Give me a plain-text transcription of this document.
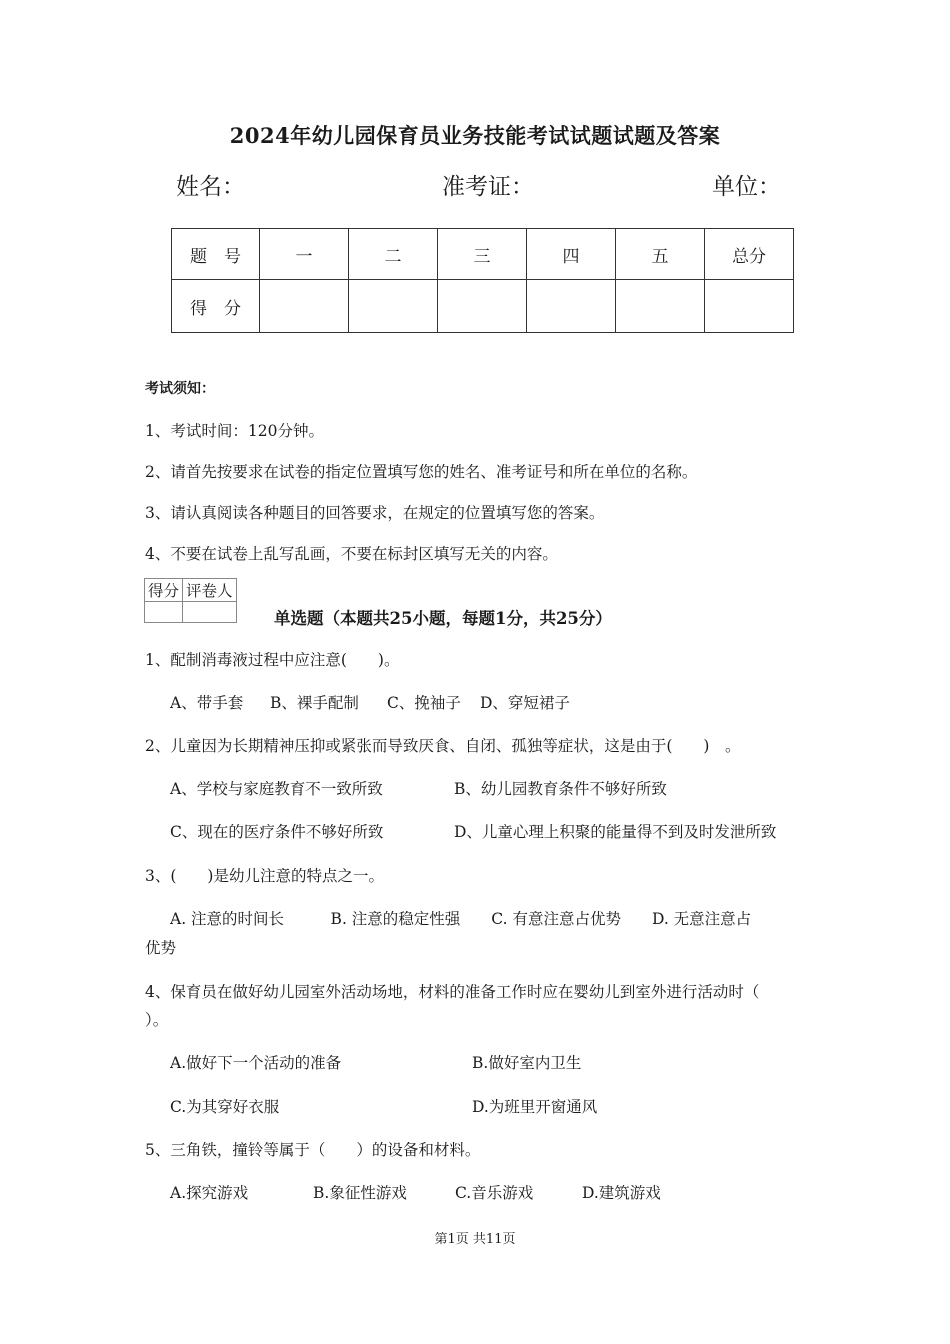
2024年幼儿园保育员业务技能考试试题试题及答案
姓名：	准考证：	单位：
题　号	一	二	三	四	五	总分
得　分						
考试须知：
1、考试时间：120分钟。
2、请首先按要求在试卷的指定位置填写您的姓名、准考证号和所在单位的名称。
3、请认真阅读各种题目的回答要求，在规定的位置填写您的答案。
4、不要在试卷上乱写乱画，不要在标封区填写无关的内容。
得分	评卷人

单选题（本题共25小题，每题1分，共25分）
1、配制消毒液过程中应注意(　　)。
A、带手套 B、裸手配制 C、挽袖子 D、穿短裙子
2、儿童因为长期精神压抑或紧张而导致厌食、自闭、孤独等症状，这是由于(　　)　。
A、学校与家庭教育不一致所致	B、幼儿园教育条件不够好所致
C、现在的医疗条件不够好所致	D、儿童心理上积聚的能量得不到及时发泄所致
3、(　　)是幼儿注意的特点之一。
A. 注意的时间长　　　B. 注意的稳定性强　　C. 有意注意占优势　　D. 无意注意占
优势
4、保育员在做好幼儿园室外活动场地，材料的准备工作时应在婴幼儿到室外进行活动时（
）。
A.做好下一个活动的准备	B.做好室内卫生
C.为其穿好衣服	D.为班里开窗通风
5、三角铁，撞铃等属于（　　）的设备和材料。
A.探究游戏	B.象征性游戏	C.音乐游戏	D.建筑游戏
第1页 共11页
